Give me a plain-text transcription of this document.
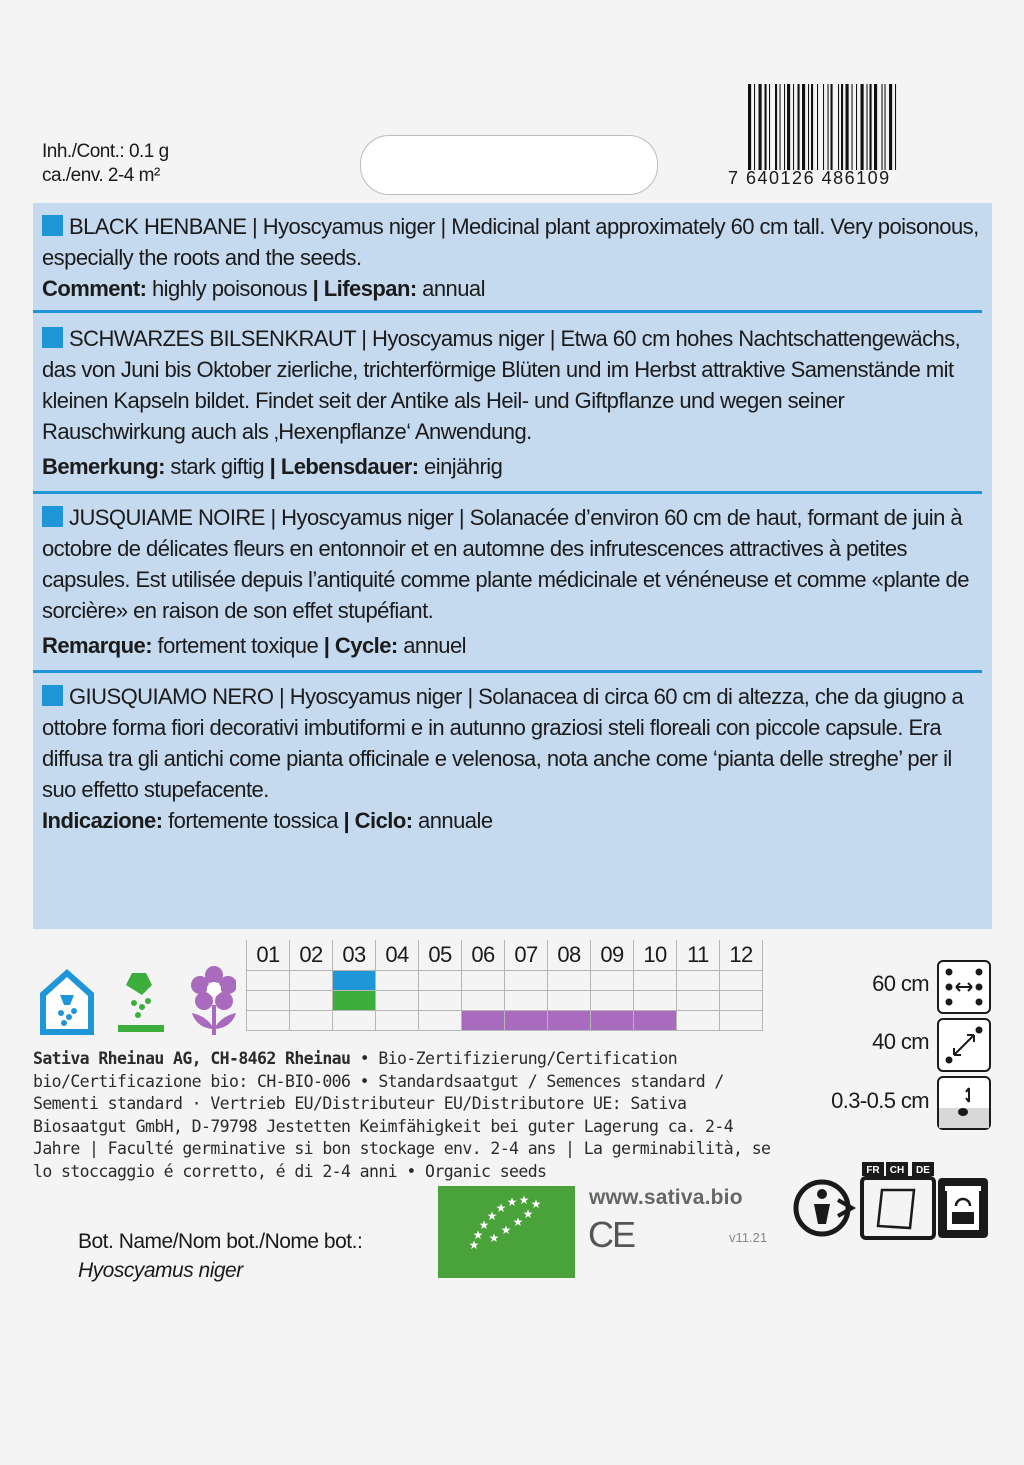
Inh./Cont.: 0.1 g
ca./env. 2-4 m²	7 640126 486109

BLACK HENBANE | Hyoscyamus niger | Medicinal plant approximately 60 cm tall. Very poisonous, especially the roots and the seeds.

Comment: highly poisonous | Lifespan: annual

SCHWARZES BILSENKRAUT | Hyoscyamus niger | Etwa 60 cm hohes Nachtschattengewächs, das von Juni bis Oktober zierliche, trichterförmige Blüten und im Herbst attraktive Samenstände mit kleinen Kapseln bildet. Findet seit der Antike als Heil- und Giftpflanze und wegen seiner Rauschwirkung auch als ‚Hexenpflanze‘ Anwendung.

Bemerkung: stark giftig | Lebensdauer: einjährig

JUSQUIAME NOIRE | Hyoscyamus niger | Solanacée d’environ 60 cm de haut, formant de juin à octobre de délicates fleurs en entonnoir et en automne des infrutescences attractives à petites capsules. Est utilisée depuis l’antiquité comme plante médicinale et vénéneuse et comme «plante de sorcière» en raison de son effet stupéfiant.

Remarque: fortement toxique | Cycle: annuel

GIUSQUIAMO NERO | Hyoscyamus niger | Solanacea di circa 60 cm di altezza, che da giugno a ottobre forma fiori decorativi imbutiformi e in autunno graziosi steli floreali con piccole capsule. Era diffusa tra gli antichi come pianta officinale e velenosa, nota anche come ‘pianta delle streghe’ per il suo effetto stupefacente.

Indicazione: fortemente tossica | Ciclo: annuale

01	02	03	04	05	06	07	08	09	10	11	12

Sativa Rheinau AG, CH-8462 Rheinau • Bio-Zertifizierung/Certification bio/Certificazione bio: CH-BIO-006 • Standardsaatgut / Semences standard / Sementi standard · Vertrieb EU/Distributeur EU/Distributore UE: Sativa Biosaatgut GmbH, D-79798 Jestetten Keimfähigkeit bei guter Lagerung ca. 2-4 Jahre | Faculté germinative si bon stockage env. 2-4 ans | La germinabilità, se lo stoccaggio é corretto, é di 2-4 anni • Organic seeds
60 cm
40 cm
0.3-0.5 cm
Bot. Name/Nom bot./Nome bot.:
Hyoscyamus niger
★
★
★
★
★
★
★
★ ★
★
★
★
www.sativa.bio
CE	v11.21
FR CH DE
